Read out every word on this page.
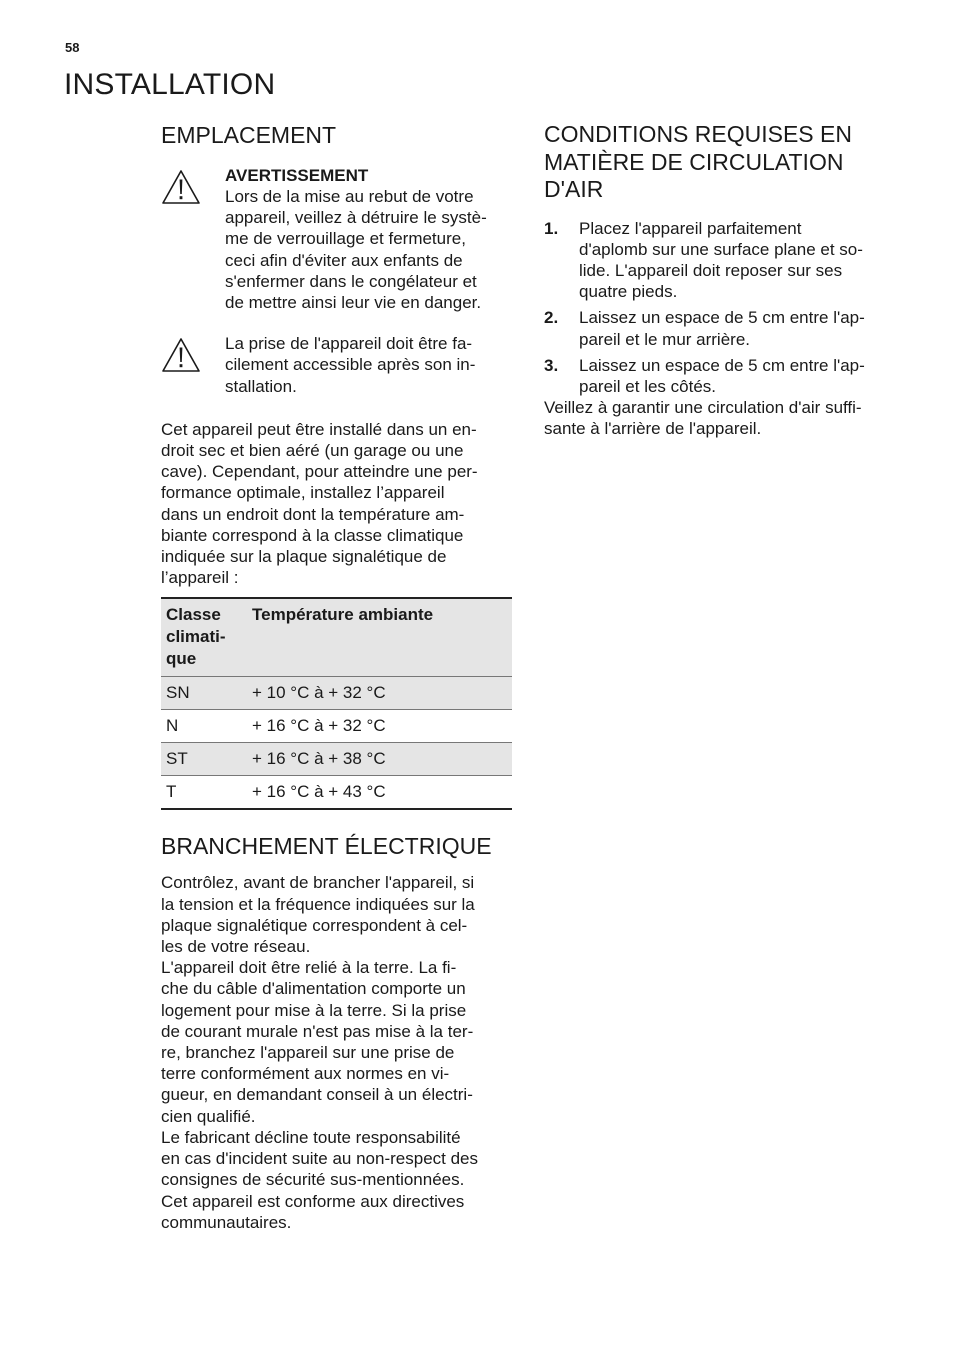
58
INSTALLATION
EMPLACEMENT
AVERTISSEMENT
Lors de la mise au rebut de votre
appareil, veillez à détruire le systè-
me de verrouillage et fermeture,
ceci afin d'éviter aux enfants de
s'enfermer dans le congélateur et
de mettre ainsi leur vie en danger.
La prise de l'appareil doit être fa-
cilement accessible après son in-
stallation.
Cet appareil peut être installé dans un en-
droit sec et bien aéré (un garage ou une
cave). Cependant, pour atteindre une per-
formance optimale, installez l’appareil
dans un endroit dont la température am-
biante correspond à la classe climatique
indiquée sur la plaque signalétique de
l’appareil :
Classe
climati-
que	Température ambiante
SN	+ 10 °C à + 32 °C
N	+ 16 °C à + 32 °C
ST	+ 16 °C à + 38 °C
T	+ 16 °C à + 43 °C
BRANCHEMENT ÉLECTRIQUE
Contrôlez, avant de brancher l'appareil, si
la tension et la fréquence indiquées sur la
plaque signalétique correspondent à cel-
les de votre réseau.
L'appareil doit être relié à la terre. La fi-
che du câble d'alimentation comporte un
logement pour mise à la terre. Si la prise
de courant murale n'est pas mise à la ter-
re, branchez l'appareil sur une prise de
terre conformément aux normes en vi-
gueur, en demandant conseil à un électri-
cien qualifié.
Le fabricant décline toute responsabilité
en cas d'incident suite au non-respect des
consignes de sécurité sus-mentionnées.
Cet appareil est conforme aux directives
communautaires.
CONDITIONS REQUISES EN
MATIÈRE DE CIRCULATION
D'AIR
1.	Placez l'appareil parfaitement
d'aplomb sur une surface plane et so-
lide. L'appareil doit reposer sur ses
quatre pieds.
2.	Laissez un espace de 5 cm entre l'ap-
pareil et le mur arrière.
3.	Laissez un espace de 5 cm entre l'ap-
pareil et les côtés.
Veillez à garantir une circulation d'air suffi-
sante à l'arrière de l'appareil.
